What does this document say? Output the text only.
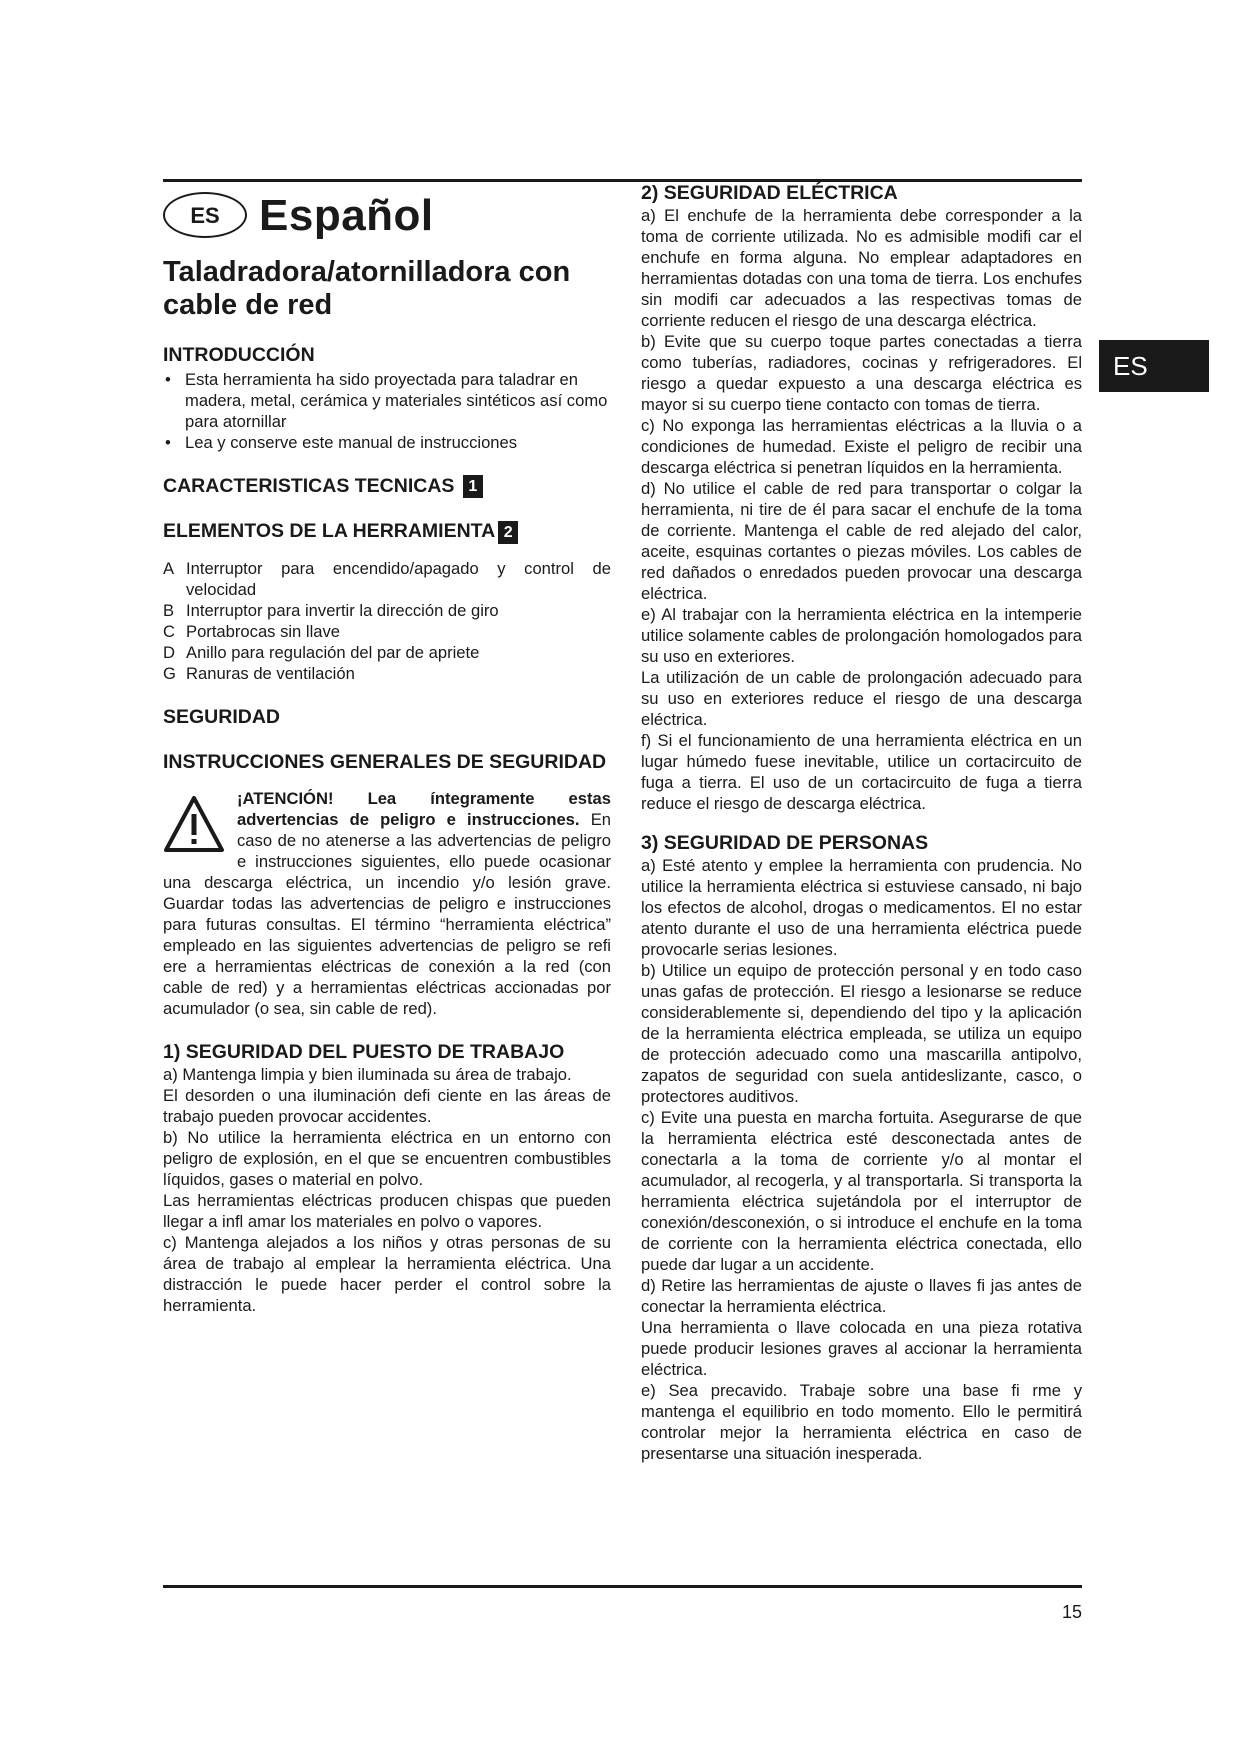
ES
ES Español
Taladradora/atornilladora con cable de red
INTRODUCCIÓN
• Esta herramienta ha sido proyectada para taladrar en madera, metal, cerámica y materiales sintéticos así como para atornillar
• Lea y conserve este manual de instrucciones
CARACTERISTICAS TECNICAS 1
ELEMENTOS DE LA HERRAMIENTA 2
A Interruptor para encendido/apagado y control de velocidad
B Interruptor para invertir la dirección de giro
C Portabrocas sin llave
D Anillo para regulación del par de apriete
G Ranuras de ventilación
SEGURIDAD
INSTRUCCIONES GENERALES DE SEGURIDAD

¡ATENCIÓN! Lea íntegramente estas advertencias de peligro e instrucciones. En caso de no atenerse a las advertencias de peligro e instrucciones siguientes, ello puede ocasionar una descarga eléctrica, un incendio y/o lesión grave. Guardar todas las advertencias de peligro e instrucciones para futuras consultas. El término “herramienta eléctrica” empleado en las siguientes advertencias de peligro se refi ere a herramientas eléctricas de conexión a la red (con cable de red) y a herramientas eléctricas accionadas por acumulador (o sea, sin cable de red).

1) SEGURIDAD DEL PUESTO DE TRABAJO

a) Mantenga limpia y bien iluminada su área de trabajo.

El desorden o una iluminación defi ciente en las áreas de trabajo pueden provocar accidentes.

b) No utilice la herramienta eléctrica en un entorno con peligro de explosión, en el que se encuentren combustibles líquidos, gases o material en polvo.

Las herramientas eléctricas producen chispas que pueden llegar a infl amar los materiales en polvo o vapores.

c) Mantenga alejados a los niños y otras personas de su área de trabajo al emplear la herramienta eléctrica. Una distracción le puede hacer perder el control sobre la herramienta.

2) SEGURIDAD ELÉCTRICA

a) El enchufe de la herramienta debe corresponder a la toma de corriente utilizada. No es admisible modifi car el enchufe en forma alguna. No emplear adaptadores en herramientas dotadas con una toma de tierra. Los enchufes sin modifi car adecuados a las respectivas tomas de corriente reducen el riesgo de una descarga eléctrica.

b) Evite que su cuerpo toque partes conectadas a tierra como tuberías, radiadores, cocinas y refrigeradores. El riesgo a quedar expuesto a una descarga eléctrica es mayor si su cuerpo tiene contacto con tomas de tierra.

c) No exponga las herramientas eléctricas a la lluvia o a condiciones de humedad. Existe el peligro de recibir una descarga eléctrica si penetran líquidos en la herramienta.

d) No utilice el cable de red para transportar o colgar la herramienta, ni tire de él para sacar el enchufe de la toma de corriente. Mantenga el cable de red alejado del calor, aceite, esquinas cortantes o piezas móviles. Los cables de red dañados o enredados pueden provocar una descarga eléctrica.

e) Al trabajar con la herramienta eléctrica en la intemperie utilice solamente cables de prolongación homologados para su uso en exteriores.

La utilización de un cable de prolongación adecuado para su uso en exteriores reduce el riesgo de una descarga eléctrica.

f) Si el funcionamiento de una herramienta eléctrica en un lugar húmedo fuese inevitable, utilice un cortacircuito de fuga a tierra. El uso de un cortacircuito de fuga a tierra reduce el riesgo de descarga eléctrica.

3) SEGURIDAD DE PERSONAS

a) Esté atento y emplee la herramienta con prudencia. No utilice la herramienta eléctrica si estuviese cansado, ni bajo los efectos de alcohol, drogas o medicamentos. El no estar atento durante el uso de una herramienta eléctrica puede provocarle serias lesiones.

b) Utilice un equipo de protección personal y en todo caso unas gafas de protección. El riesgo a lesionarse se reduce considerablemente si, dependiendo del tipo y la aplicación de la herramienta eléctrica empleada, se utiliza un equipo de protección adecuado como una mascarilla antipolvo, zapatos de seguridad con suela antideslizante, casco, o protectores auditivos.

c) Evite una puesta en marcha fortuita. Asegurarse de que la herramienta eléctrica esté desconectada antes de conectarla a la toma de corriente y/o al montar el acumulador, al recogerla, y al transportarla. Si transporta la herramienta eléctrica sujetándola por el interruptor de conexión/desconexión, o si introduce el enchufe en la toma de corriente con la herramienta eléctrica conectada, ello puede dar lugar a un accidente.

d) Retire las herramientas de ajuste o llaves fi jas antes de conectar la herramienta eléctrica.

Una herramienta o llave colocada en una pieza rotativa puede producir lesiones graves al accionar la herramienta eléctrica.

e) Sea precavido. Trabaje sobre una base fi rme y mantenga el equilibrio en todo momento. Ello le permitirá controlar mejor la herramienta eléctrica en caso de presentarse una situación inesperada.

15
